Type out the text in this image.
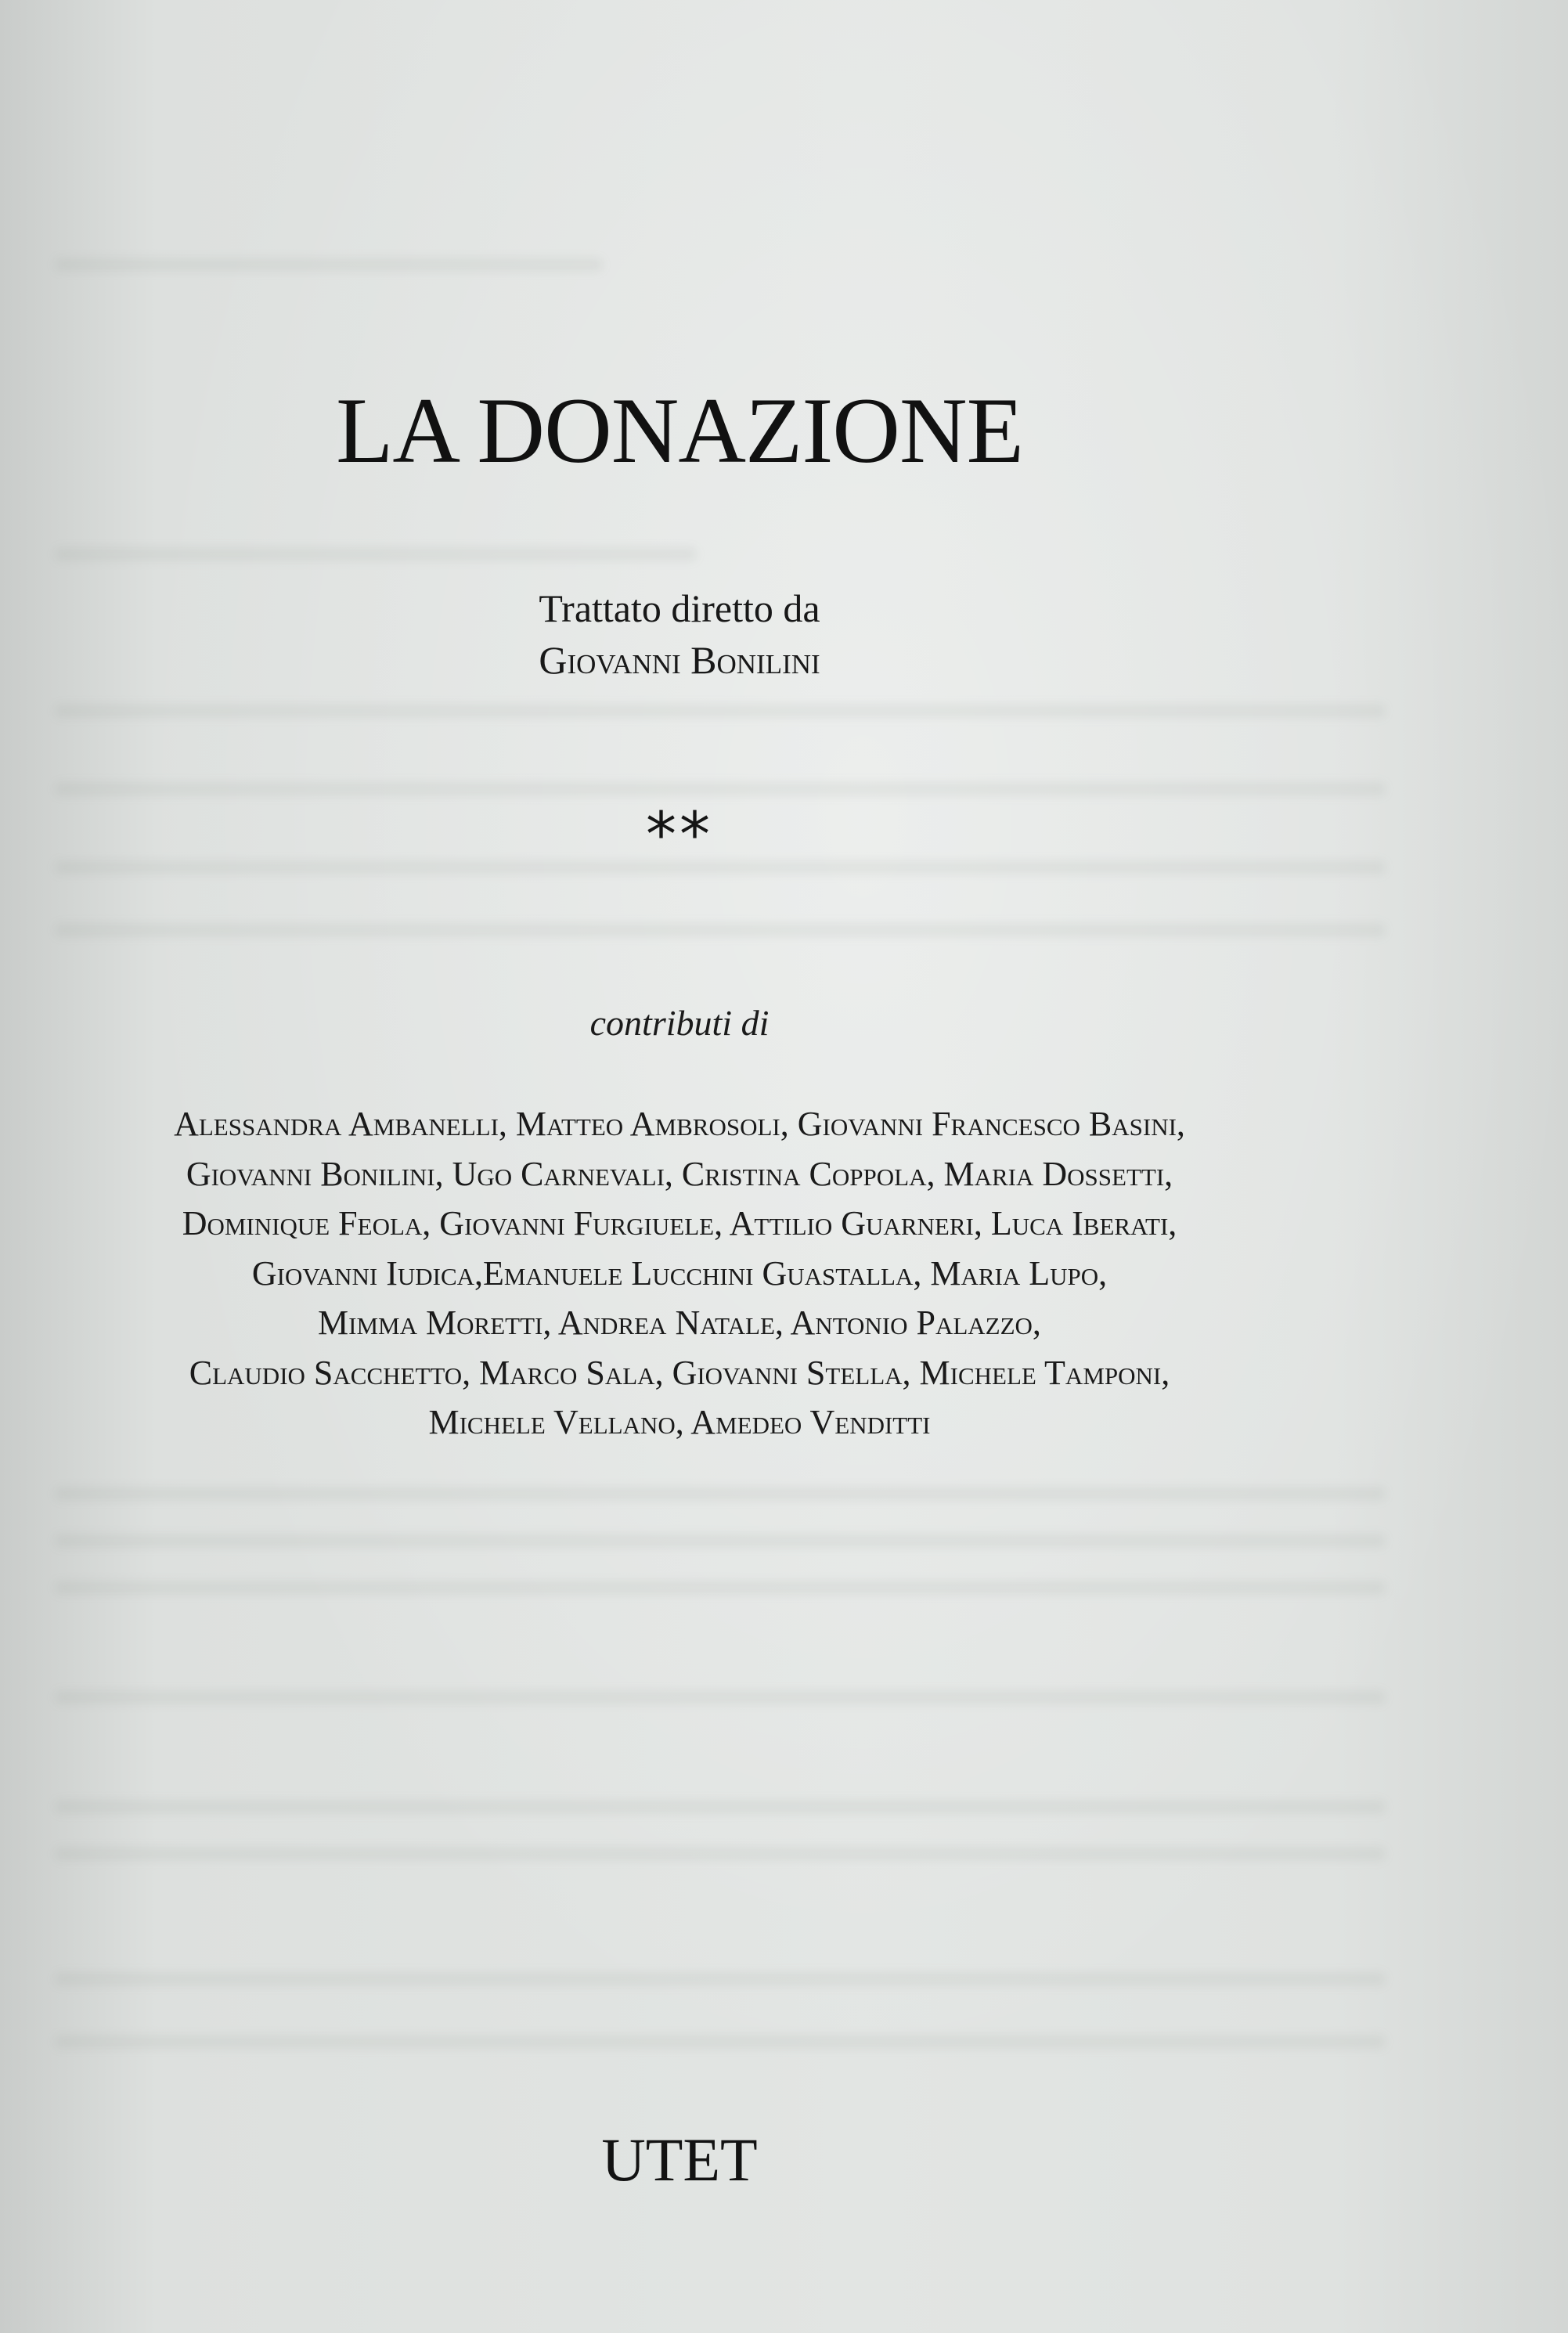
LA DONAZIONE
Trattato diretto da
Giovanni Bonilini
**
contributi di
Alessandra Ambanelli, Matteo Ambrosoli, Giovanni Francesco Basini,
Giovanni Bonilini, Ugo Carnevali, Cristina Coppola, Maria Dossetti,
Dominique Feola, Giovanni Furgiuele, Attilio Guarneri, Luca Iberati,
Giovanni Iudica,Emanuele Lucchini Guastalla, Maria Lupo,
Mimma Moretti, Andrea Natale, Antonio Palazzo,
Claudio Sacchetto, Marco Sala, Giovanni Stella, Michele Tamponi,
Michele Vellano, Amedeo Venditti
UTET
